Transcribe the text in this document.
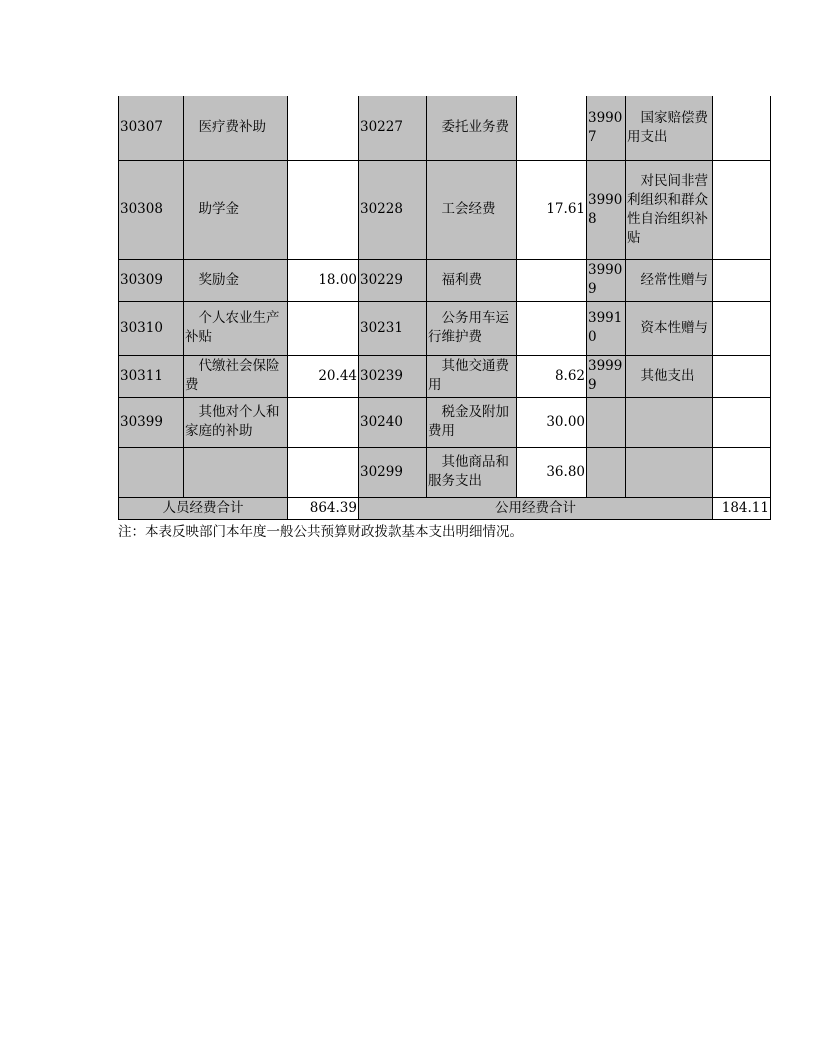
30307	医疗费补助		30227	委托业务费		39907	国家赔偿费用支出	
30308	助学金		30228	工会经费	17.61	39908	对民间非营利组织和群众性自治组织补贴	
30309	奖励金	18.00	30229	福利费		39909	经常性赠与	
30310	个人农业生产补贴		30231	公务用车运行维护费		39910	资本性赠与	
30311	代缴社会保险费	20.44	30239	其他交通费用	8.62	39999	其他支出	
30399	其他对个人和家庭的补助		30240	税金及附加费用	30.00			
			30299	其他商品和服务支出	36.80			
人员经费合计		864.39	公用经费合计					184.11
注：本表反映部门本年度一般公共预算财政拨款基本支出明细情况。
